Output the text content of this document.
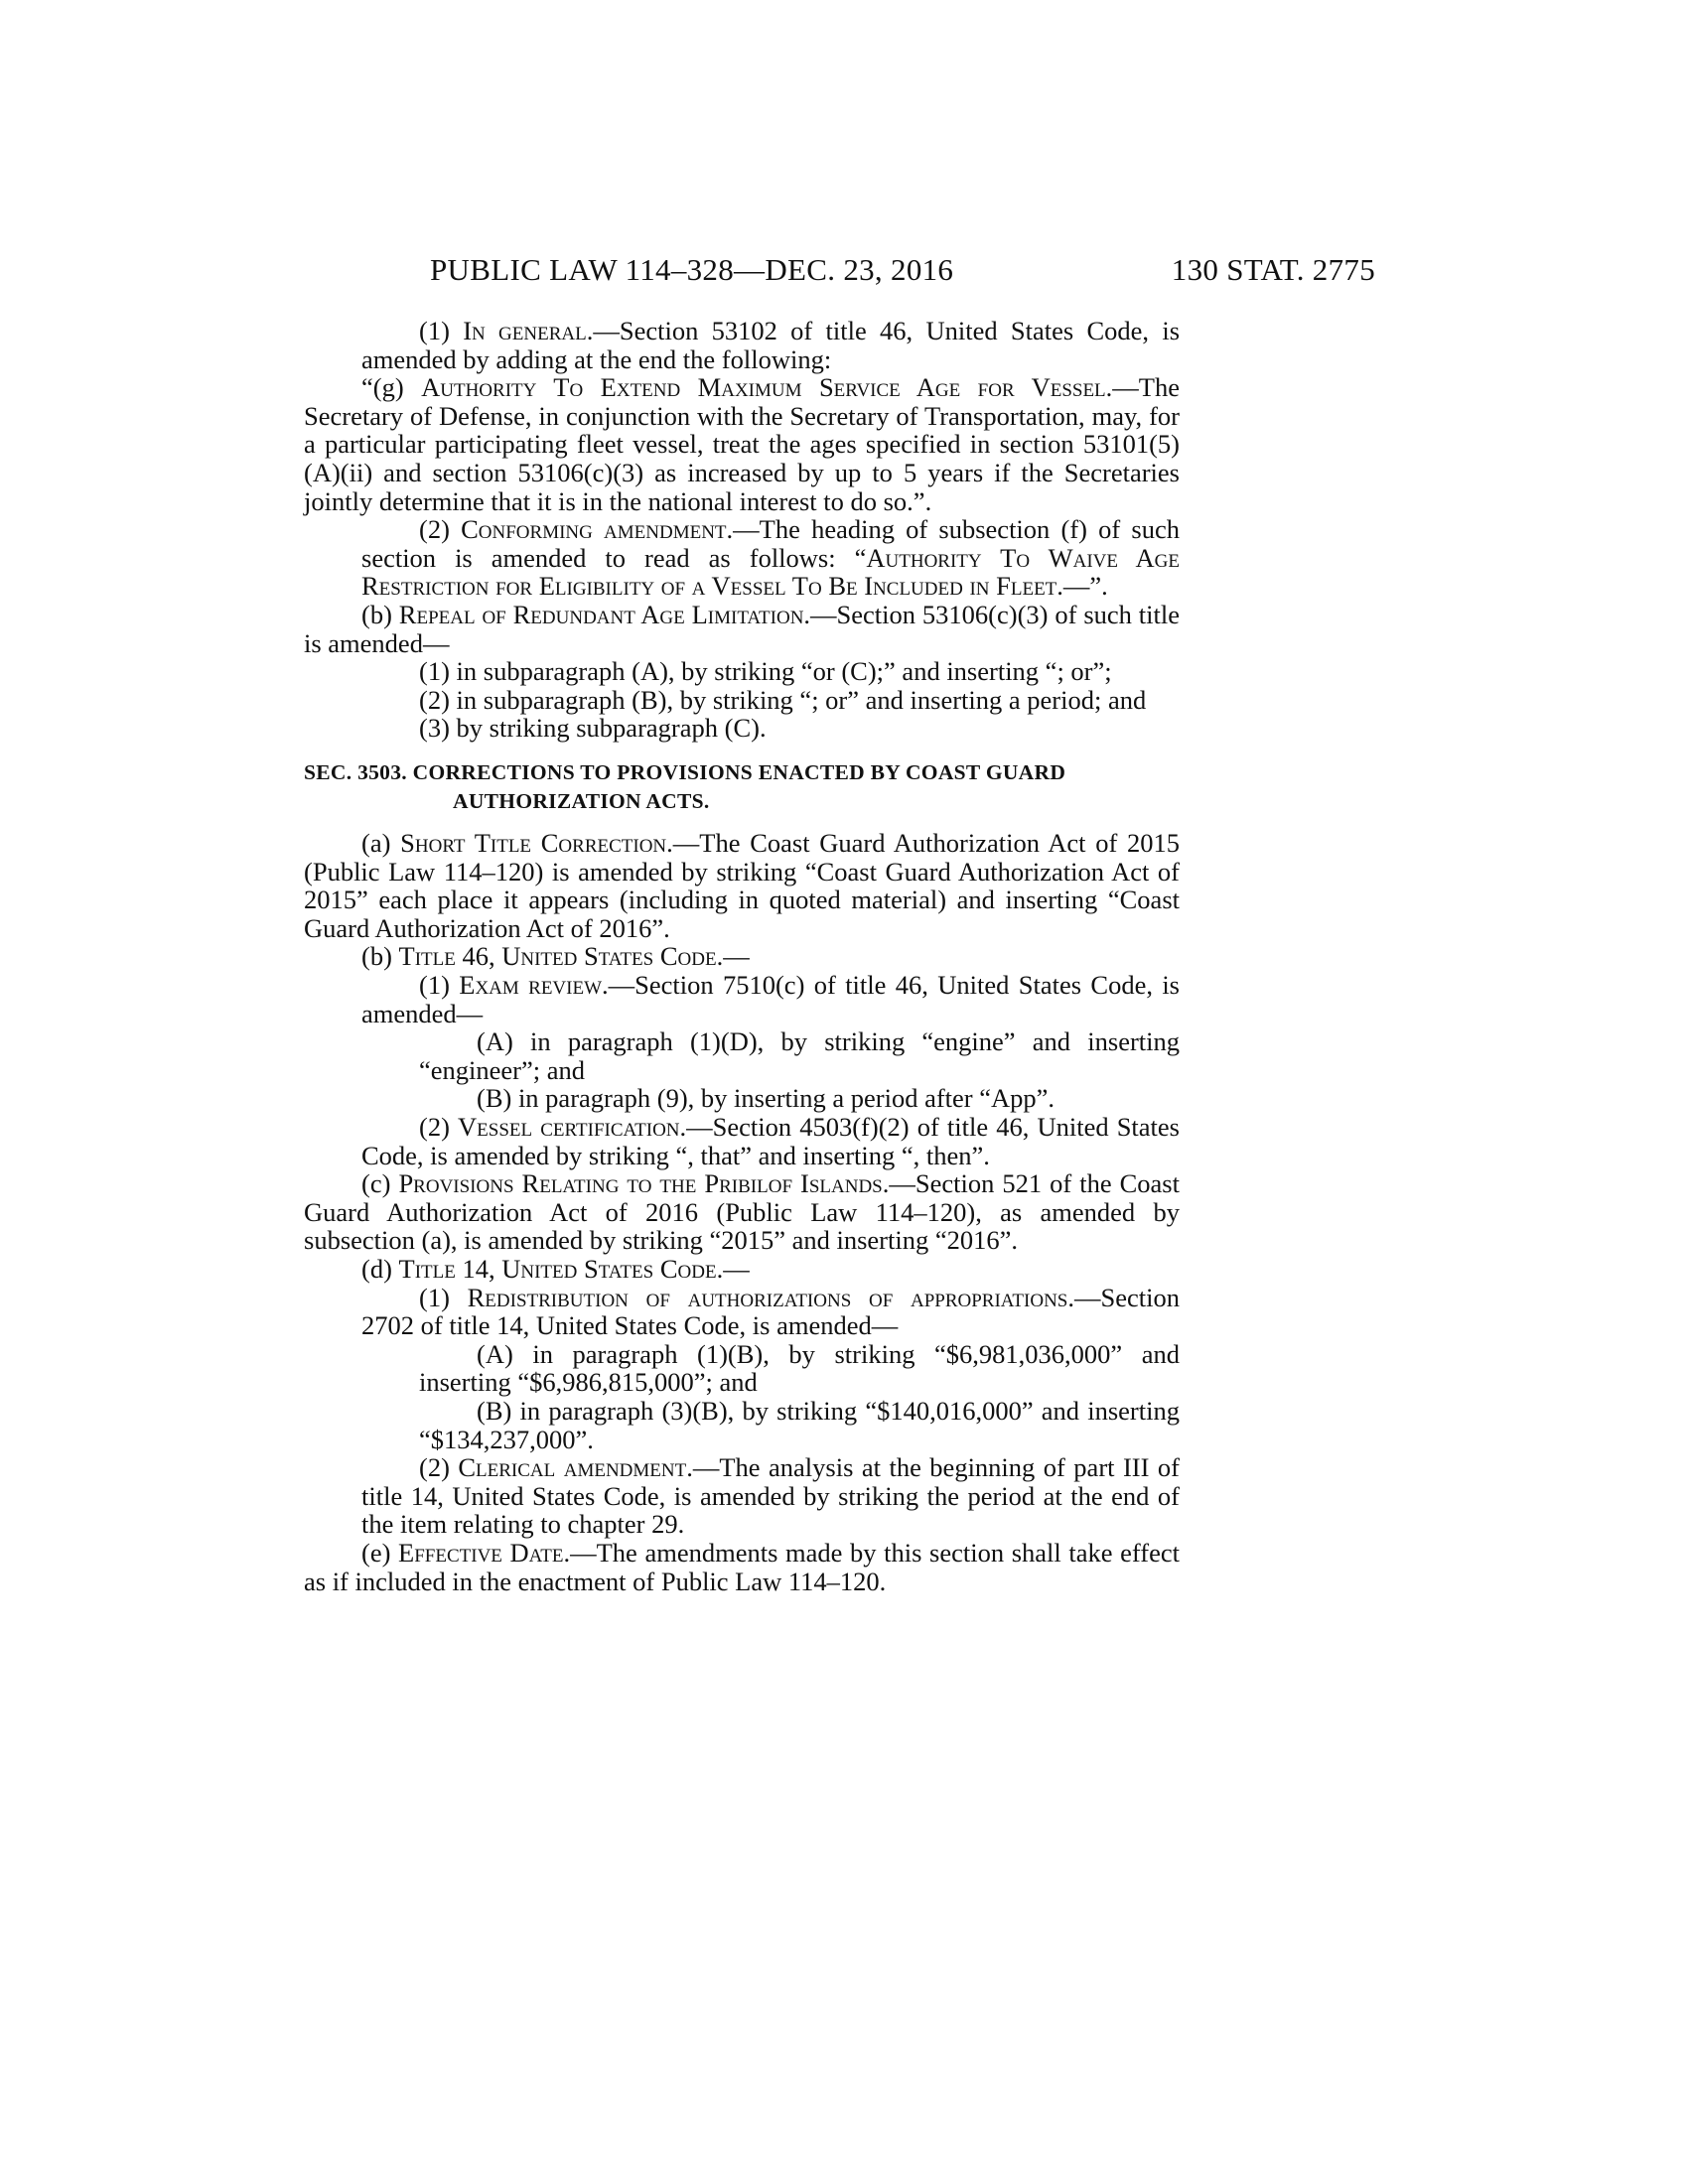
PUBLIC LAW 114–328—DEC. 23, 2016	130 STAT. 2775

(1) In general.—Section 53102 of title 46, United States Code, is amended by adding at the end the following:

“(g) Authority To Extend Maximum Service Age for Vessel.—The Secretary of Defense, in conjunction with the Secretary of Transportation, may, for a particular participating fleet vessel, treat the ages specified in section 53101(5)(A)(ii) and section 53106(c)(3) as increased by up to 5 years if the Secretaries jointly determine that it is in the national interest to do so.”.

(2) Conforming amendment.—The heading of subsection (f) of such section is amended to read as follows: “Authority To Waive Age Restriction for Eligibility of a Vessel To Be Included in Fleet.—”.

(b) Repeal of Redundant Age Limitation.—Section 53106(c)(3) of such title is amended—

(1) in subparagraph (A), by striking “or (C);” and inserting “; or”;

(2) in subparagraph (B), by striking “; or” and inserting a period; and

(3) by striking subparagraph (C).

SEC. 3503. CORRECTIONS TO PROVISIONS ENACTED BY COAST GUARD AUTHORIZATION ACTS.

(a) Short Title Correction.—The Coast Guard Authorization Act of 2015 (Public Law 114–120) is amended by striking “Coast Guard Authorization Act of 2015” each place it appears (including in quoted material) and inserting “Coast Guard Authorization Act of 2016”.

(b) Title 46, United States Code.—

(1) Exam review.—Section 7510(c) of title 46, United States Code, is amended—

(A) in paragraph (1)(D), by striking “engine” and inserting “engineer”; and

(B) in paragraph (9), by inserting a period after “App”.

(2) Vessel certification.—Section 4503(f)(2) of title 46, United States Code, is amended by striking “, that” and inserting “, then”.

(c) Provisions Relating to the Pribilof Islands.—Section 521 of the Coast Guard Authorization Act of 2016 (Public Law 114–120), as amended by subsection (a), is amended by striking “2015” and inserting “2016”.

(d) Title 14, United States Code.—

(1) Redistribution of authorizations of appropriations.—Section 2702 of title 14, United States Code, is amended—

(A) in paragraph (1)(B), by striking “$6,981,036,000” and inserting “$6,986,815,000”; and

(B) in paragraph (3)(B), by striking “$140,016,000” and inserting “$134,237,000”.

(2) Clerical amendment.—The analysis at the beginning of part III of title 14, United States Code, is amended by striking the period at the end of the item relating to chapter 29.

(e) Effective Date.—The amendments made by this section shall take effect as if included in the enactment of Public Law 114–120.
